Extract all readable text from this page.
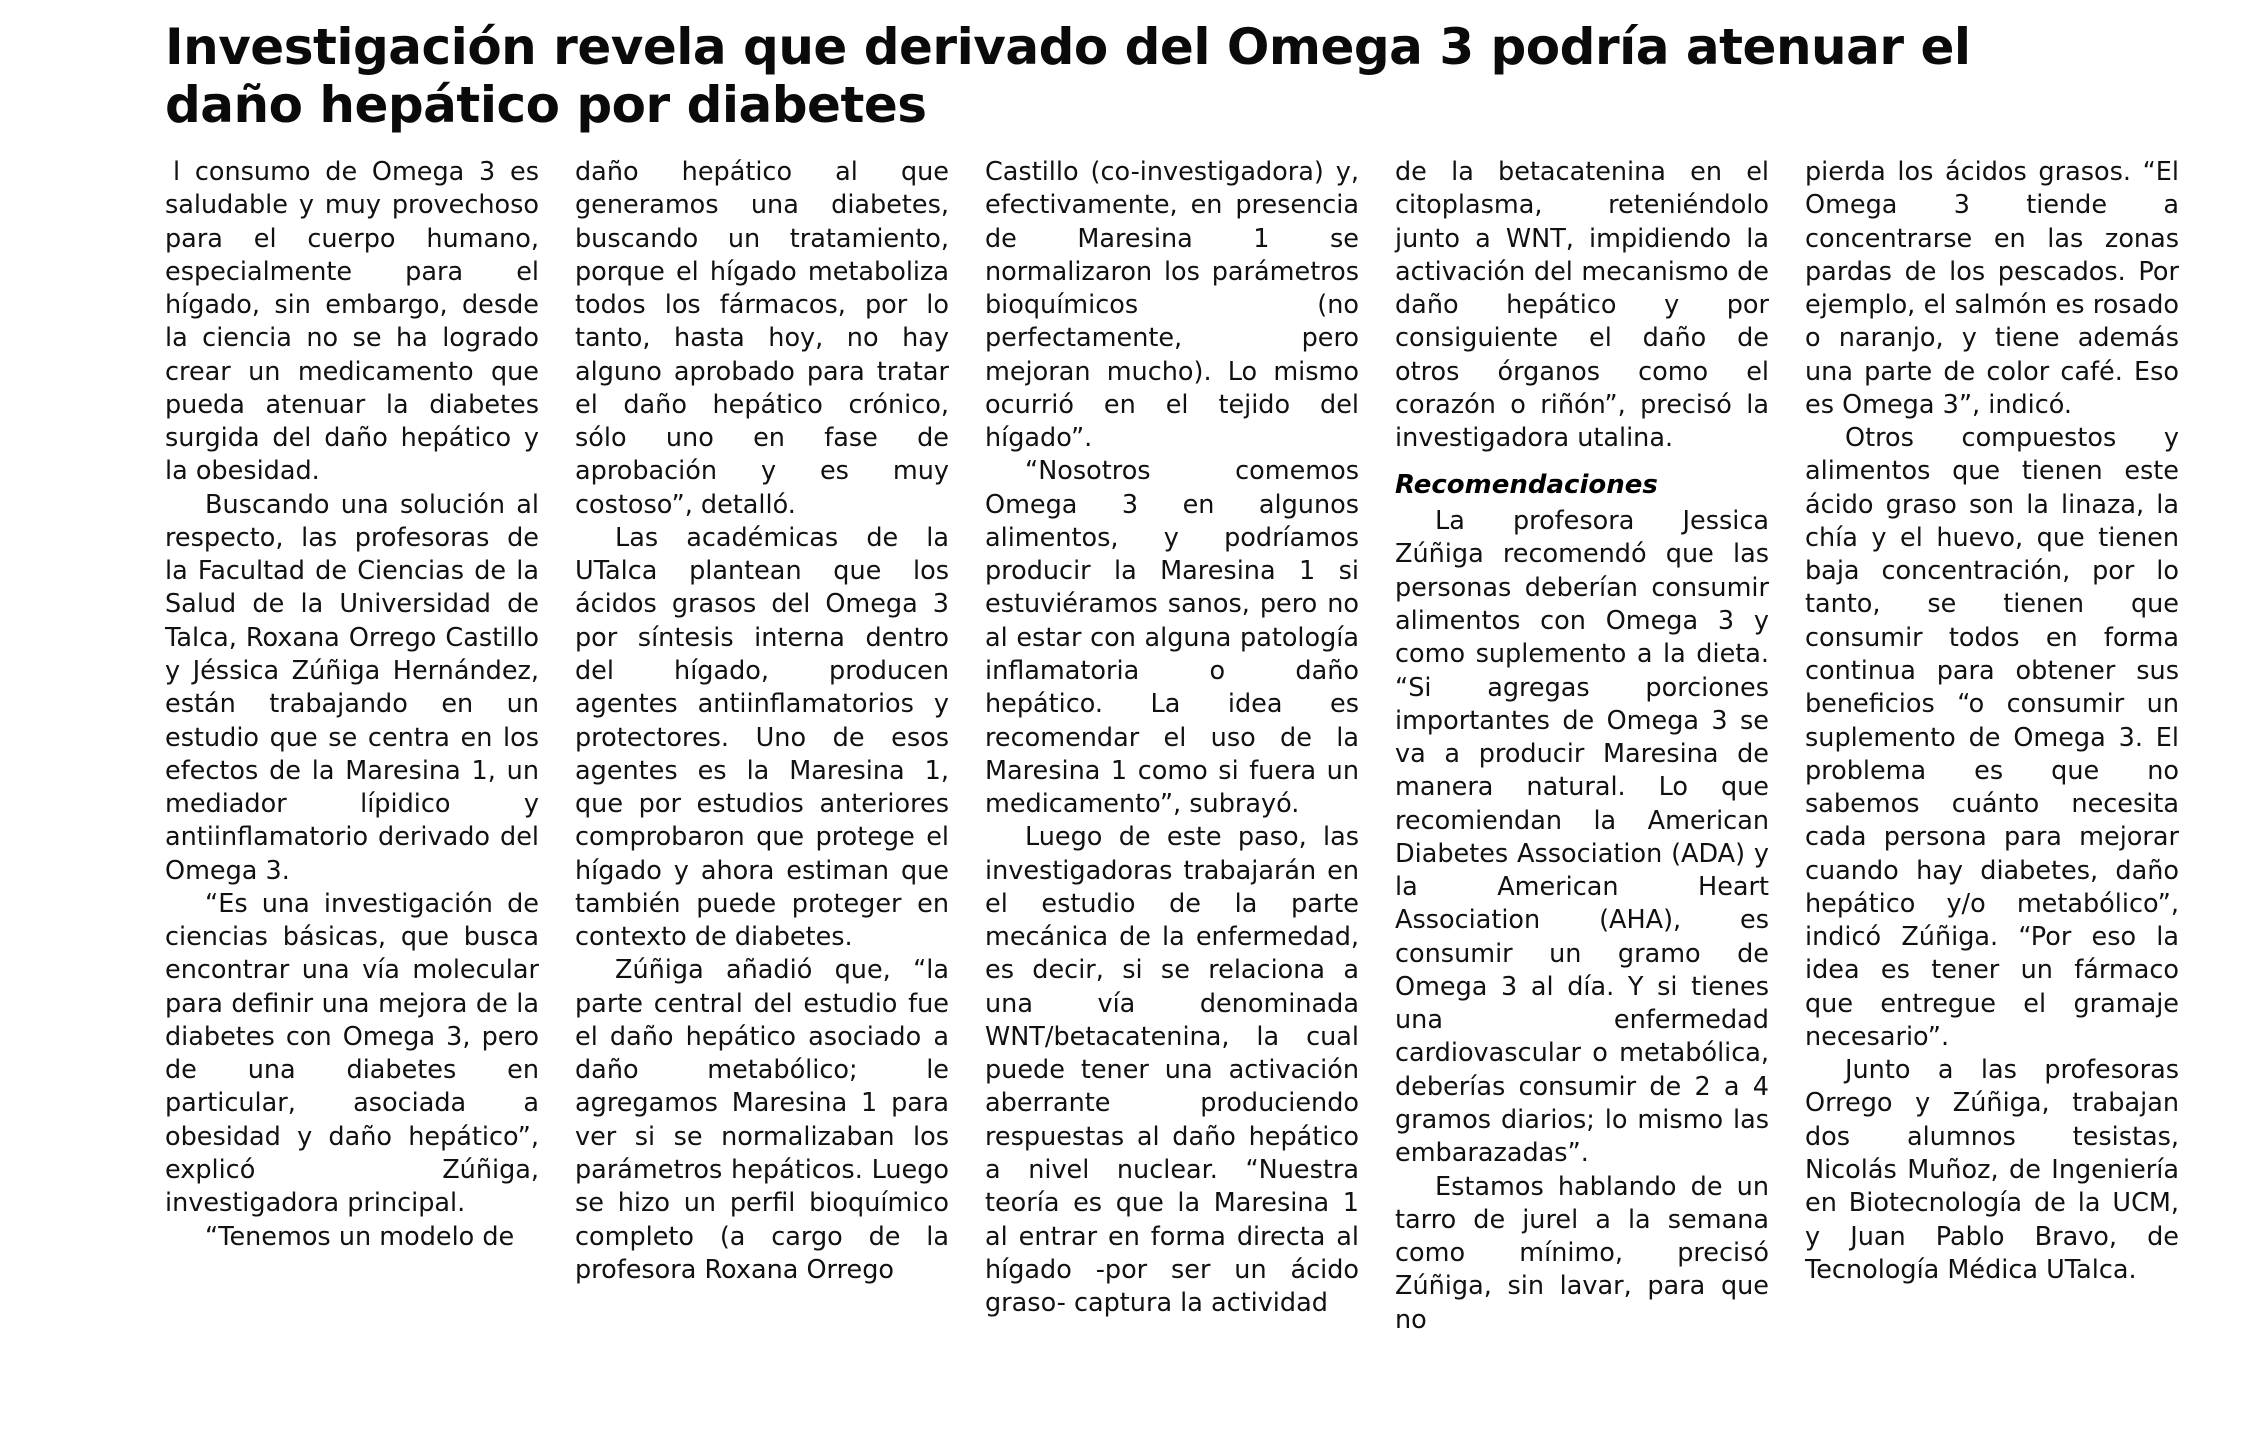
Investigación revela que derivado del Omega 3 podría atenuar el daño hepático por diabetes

l consumo de Omega 3 es saludable y muy provechoso para el cuerpo humano, especialmente para el hígado, sin embargo, desde la ciencia no se ha logrado crear un medicamento que pueda atenuar la diabetes surgida del daño hepático y la obesidad.

Buscando una solución al respecto, las profesoras de la Facultad de Ciencias de la Salud de la Universidad de Talca, Roxana Orrego Castillo y Jéssica Zúñiga Hernández, están trabajando en un estudio que se centra en los efectos de la Maresina 1, un mediador lípidico y antiinflamatorio derivado del Omega 3.

“Es una investigación de ciencias básicas, que busca encontrar una vía molecular para definir una mejora de la diabetes con Omega 3, pero de una diabetes en particular, asociada a obesidad y daño hepático”, explicó Zúñiga, investigadora principal.

“Tenemos un modelo de

daño hepático al que generamos una diabetes, buscando un tratamiento, porque el hígado metaboliza todos los fármacos, por lo tanto, hasta hoy, no hay alguno aprobado para tratar el daño hepático crónico, sólo uno en fase de aprobación y es muy costoso”, detalló.

Las académicas de la UTalca plantean que los ácidos grasos del Omega 3 por síntesis interna dentro del hígado, producen agentes antiinflamatorios y protectores. Uno de esos agentes es la Maresina 1, que por estudios anteriores comprobaron que protege el hígado y ahora estiman que también puede proteger en contexto de diabetes.

Zúñiga añadió que, “la parte central del estudio fue el daño hepático asociado a daño metabólico; le agregamos Maresina 1 para ver si se normalizaban los parámetros hepáticos. Luego se hizo un perfil bioquímico completo (a cargo de la profesora Roxana Orrego

Castillo (co-investigadora) y, efectivamente, en presencia de Maresina 1 se normalizaron los parámetros bioquímicos (no perfectamente, pero mejoran mucho). Lo mismo ocurrió en el tejido del hígado”.

“Nosotros comemos Omega 3 en algunos alimentos, y podríamos producir la Maresina 1 si estuviéramos sanos, pero no al estar con alguna patología inflamatoria o daño hepático. La idea es recomendar el uso de la Maresina 1 como si fuera un medicamento”, subrayó.

Luego de este paso, las investigadoras trabajarán en el estudio de la parte mecánica de la enfermedad, es decir, si se relaciona a una vía denominada WNT/betacatenina, la cual puede tener una activación aberrante produciendo respuestas al daño hepático a nivel nuclear. “Nuestra teoría es que la Maresina 1 al entrar en forma directa al hígado -por ser un ácido graso- captura la actividad

de la betacatenina en el citoplasma, reteniéndolo junto a WNT, impidiendo la activación del mecanismo de daño hepático y por consiguiente el daño de otros órganos como el corazón o riñón”, precisó la investigadora utalina.

Recomendaciones

La profesora Jessica Zúñiga recomendó que las personas deberían consumir alimentos con Omega 3 y como suplemento a la dieta. “Si agregas porciones importantes de Omega 3 se va a producir Maresina de manera natural. Lo que recomiendan la American Diabetes Association (ADA) y la American Heart Association (AHA), es consumir un gramo de Omega 3 al día. Y si tienes una enfermedad cardiovascular o metabólica, deberías consumir de 2 a 4 gramos diarios; lo mismo las embarazadas”.

Estamos hablando de un tarro de jurel a la semana como mínimo, precisó Zúñiga, sin lavar, para que no

pierda los ácidos grasos. “El Omega 3 tiende a concentrarse en las zonas pardas de los pescados. Por ejemplo, el salmón es rosado o naranjo, y tiene además una parte de color café. Eso es Omega 3”, indicó.

Otros compuestos y alimentos que tienen este ácido graso son la linaza, la chía y el huevo, que tienen baja concentración, por lo tanto, se tienen que consumir todos en forma continua para obtener sus beneficios “o consumir un suplemento de Omega 3. El problema es que no sabemos cuánto necesita cada persona para mejorar cuando hay diabetes, daño hepático y/o metabólico”, indicó Zúñiga. “Por eso la idea es tener un fármaco que entregue el gramaje necesario”.

Junto a las profesoras Orrego y Zúñiga, trabajan dos alumnos tesistas, Nicolás Muñoz, de Ingeniería en Biotecnología de la UCM, y Juan Pablo Bravo, de Tecnología Médica UTalca.
